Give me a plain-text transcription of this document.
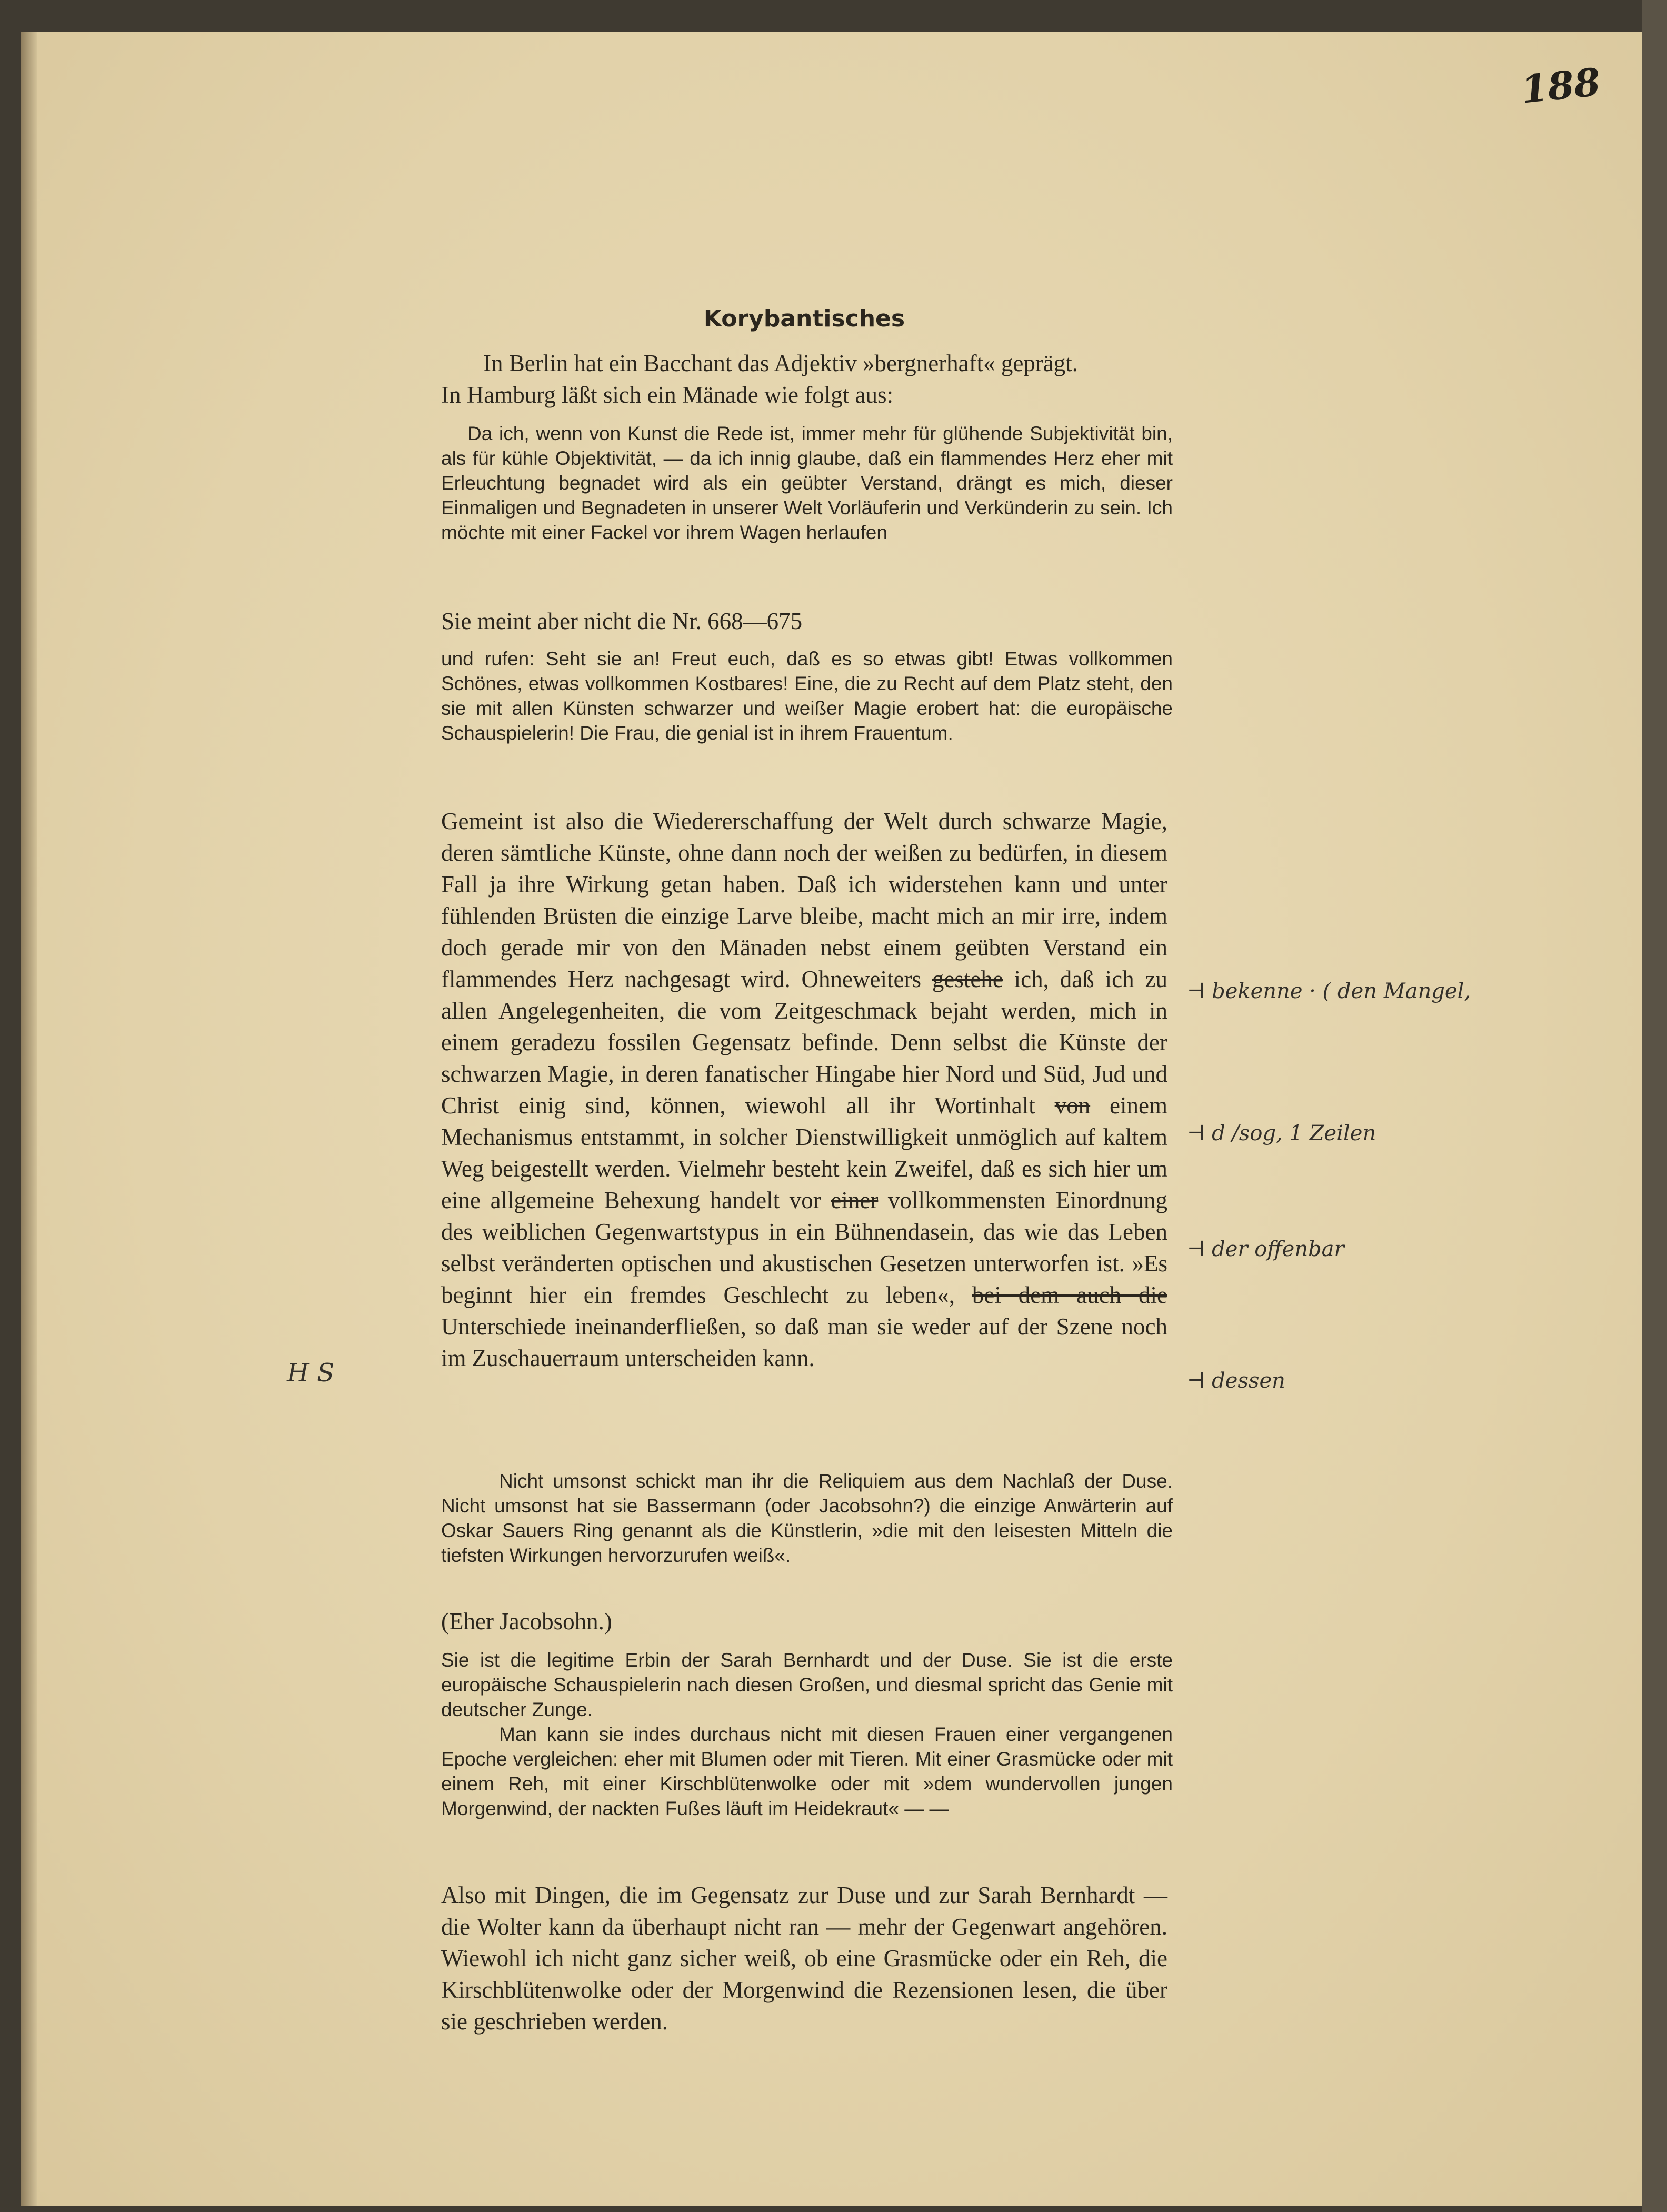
188
Korybantisches

In Berlin hat ein Bacchant das Adjektiv »bergnerhaft« geprägt.

In Hamburg läßt sich ein Mänade wie folgt aus:

Da ich, wenn von Kunst die Rede ist, immer mehr für glühende Subjektivität bin, als für kühle Objektivität, — da ich innig glaube, daß ein flammendes Herz eher mit Erleuchtung begnadet wird als ein geübter Verstand, drängt es mich, dieser Einmaligen und Begnadeten in unserer Welt Vorläuferin und Verkünderin zu sein. Ich möchte mit einer Fackel vor ihrem Wagen herlaufen

Sie meint aber nicht die Nr. 668—675

und rufen: Seht sie an! Freut euch, daß es so etwas gibt! Etwas vollkommen Schönes, etwas vollkommen Kostbares! Eine, die zu Recht auf dem Platz steht, den sie mit allen Künsten schwarzer und weißer Magie erobert hat: die europäische Schauspielerin! Die Frau, die genial ist in ihrem Frauentum.

Gemeint ist also die Wiedererschaffung der Welt durch schwarze Magie, deren sämtliche Künste, ohne dann noch der weißen zu bedürfen, in diesem Fall ja ihre Wirkung getan haben. Daß ich widerstehen kann und unter fühlenden Brüsten die einzige Larve bleibe, macht mich an mir irre, indem doch gerade mir von den Mänaden nebst einem geübten Verstand ein flammendes Herz nachgesagt wird. Ohneweiters gestehe ich, daß ich zu allen Angelegenheiten, die vom Zeitgeschmack bejaht werden, mich in einem geradezu fossilen Gegensatz befinde. Denn selbst die Künste der schwarzen Magie, in deren fanatischer Hingabe hier Nord und Süd, Jud und Christ einig sind, können, wiewohl all ihr Wortinhalt von einem Mechanismus entstammt, in solcher Dienstwilligkeit unmöglich auf kaltem Weg beigestellt werden. Vielmehr besteht kein Zweifel, daß es sich hier um eine allgemeine Behexung handelt vor einer vollkommensten Einordnung des weiblichen Gegenwartstypus in ein Bühnendasein, das wie das Leben selbst veränderten optischen und akustischen Gesetzen unterworfen ist. »Es beginnt hier ein fremdes Geschlecht zu leben«, bei dem auch die Unterschiede ineinanderfließen, so daß man sie weder auf der Szene noch im Zuschauerraum unterscheiden kann.

Nicht umsonst schickt man ihr die Reliquiem aus dem Nachlaß der Duse. Nicht umsonst hat sie Bassermann (oder Jacobsohn?) die einzige Anwärterin auf Oskar Sauers Ring genannt als die Künstlerin, »die mit den leisesten Mitteln die tiefsten Wirkungen hervorzurufen weiß«.

(Eher Jacobsohn.)

Sie ist die legitime Erbin der Sarah Bernhardt und der Duse. Sie ist die erste europäische Schauspielerin nach diesen Großen, und diesmal spricht das Genie mit deutscher Zunge.

Man kann sie indes durchaus nicht mit diesen Frauen einer vergangenen Epoche vergleichen: eher mit Blumen oder mit Tieren. Mit einer Grasmücke oder mit einem Reh, mit einer Kirschblütenwolke oder mit »dem wundervollen jungen Morgenwind, der nackten Fußes läuft im Heidekraut« — —

Also mit Dingen, die im Gegensatz zur Duse und zur Sarah Bernhardt — die Wolter kann da überhaupt nicht ran — mehr der Gegenwart angehören. Wiewohl ich nicht ganz sicher weiß, ob eine Grasmücke oder ein Reh, die Kirschblütenwolke oder der Morgenwind die Rezensionen lesen, die über sie geschrieben werden.

⊣ bekenne · ( den Mangel,
⊣ d /sog, 1 Zeilen
⊣ der offenbar
⊣ dessen
H S
